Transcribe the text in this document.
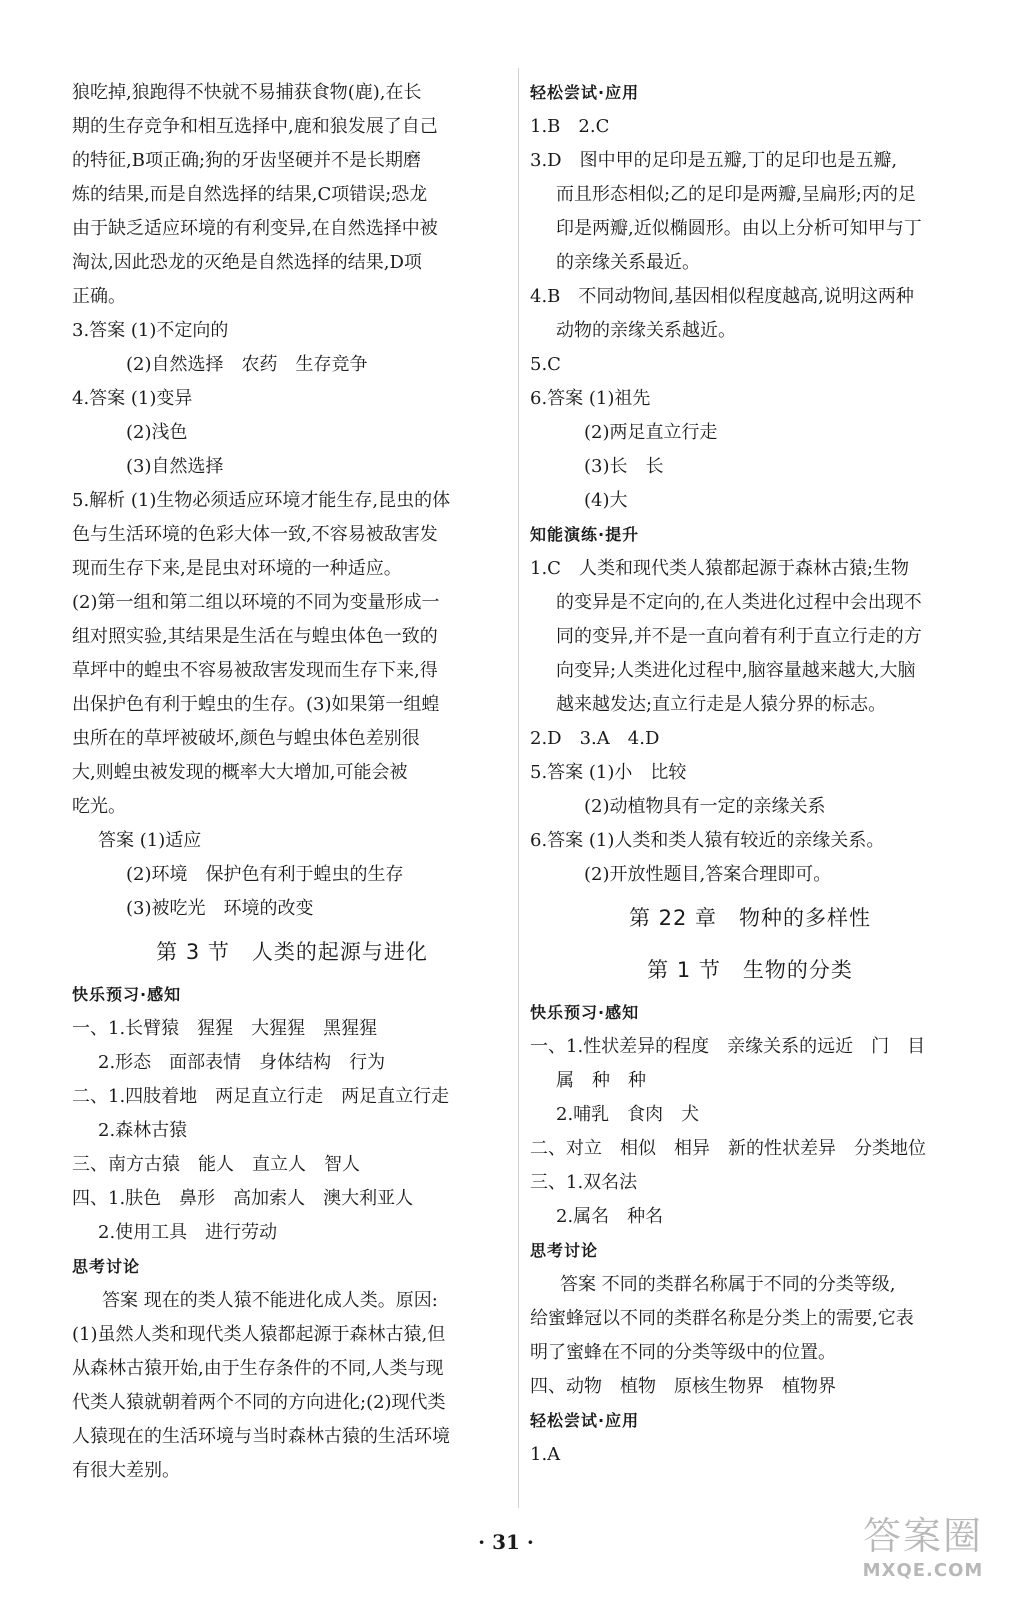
狼吃掉,狼跑得不快就不易捕获食物(鹿),在长
期的生存竞争和相互选择中,鹿和狼发展了自己
的特征,B项正确;狗的牙齿坚硬并不是长期磨
炼的结果,而是自然选择的结果,C项错误;恐龙
由于缺乏适应环境的有利变异,在自然选择中被
淘汰,因此恐龙的灭绝是自然选择的结果,D项
正确。
3.答案 (1)不定向的
(2)自然选择　农药　生存竞争
4.答案 (1)变异
(2)浅色
(3)自然选择
5.解析 (1)生物必须适应环境才能生存,昆虫的体
色与生活环境的色彩大体一致,不容易被敌害发
现而生存下来,是昆虫对环境的一种适应。
(2)第一组和第二组以环境的不同为变量形成一
组对照实验,其结果是生活在与蝗虫体色一致的
草坪中的蝗虫不容易被敌害发现而生存下来,得
出保护色有利于蝗虫的生存。(3)如果第一组蝗
虫所在的草坪被破坏,颜色与蝗虫体色差别很
大,则蝗虫被发现的概率大大增加,可能会被
吃光。
答案 (1)适应
(2)环境　保护色有利于蝗虫的生存
(3)被吃光　环境的改变
第 3 节　人类的起源与进化
快乐预习·感知
一、1.长臂猿　猩猩　大猩猩　黑猩猩
2.形态　面部表情　身体结构　行为
二、1.四肢着地　两足直立行走　两足直立行走
2.森林古猿
三、南方古猿　能人　直立人　智人
四、1.肤色　鼻形　高加索人　澳大利亚人
2.使用工具　进行劳动
思考讨论
答案 现在的类人猿不能进化成人类。原因:
(1)虽然人类和现代类人猿都起源于森林古猿,但
从森林古猿开始,由于生存条件的不同,人类与现
代类人猿就朝着两个不同的方向进化;(2)现代类
人猿现在的生活环境与当时森林古猿的生活环境
有很大差别。
轻松尝试·应用
1.B　2.C
3.D　图中甲的足印是五瓣,丁的足印也是五瓣,
而且形态相似;乙的足印是两瓣,呈扁形;丙的足
印是两瓣,近似椭圆形。由以上分析可知甲与丁
的亲缘关系最近。
4.B　不同动物间,基因相似程度越高,说明这两种
动物的亲缘关系越近。
5.C
6.答案 (1)祖先
(2)两足直立行走
(3)长　长
(4)大
知能演练·提升
1.C　人类和现代类人猿都起源于森林古猿;生物
的变异是不定向的,在人类进化过程中会出现不
同的变异,并不是一直向着有利于直立行走的方
向变异;人类进化过程中,脑容量越来越大,大脑
越来越发达;直立行走是人猿分界的标志。
2.D　3.A　4.D
5.答案 (1)小　比较
(2)动植物具有一定的亲缘关系
6.答案 (1)人类和类人猿有较近的亲缘关系。
(2)开放性题目,答案合理即可。
第 22 章　物种的多样性
第 1 节　生物的分类
快乐预习·感知
一、1.性状差异的程度　亲缘关系的远近　门　目
属　种　种
2.哺乳　食肉　犬
二、对立　相似　相异　新的性状差异　分类地位
三、1.双名法
2.属名　种名
思考讨论
答案 不同的类群名称属于不同的分类等级,
给蜜蜂冠以不同的类群名称是分类上的需要,它表
明了蜜蜂在不同的分类等级中的位置。
四、动物　植物　原核生物界　植物界
轻松尝试·应用
1.A
· 31 ·	答案圈
MXQE.COM
